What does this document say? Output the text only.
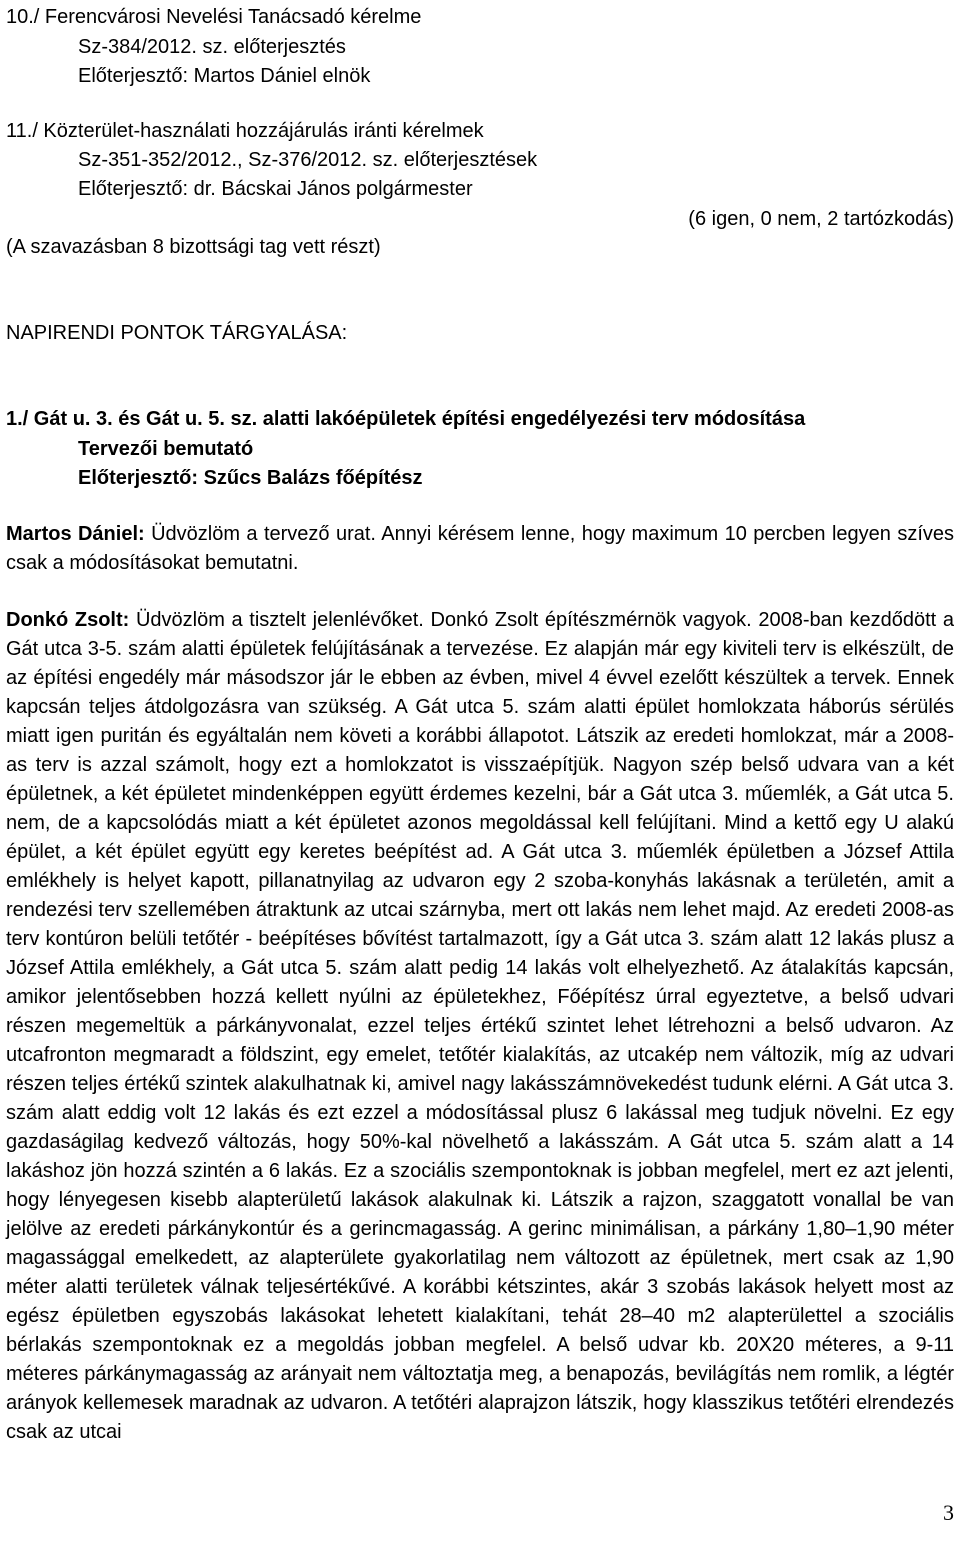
10./ Ferencvárosi Nevelési Tanácsadó kérelme
Sz-384/2012. sz. előterjesztés
Előterjesztő: Martos Dániel elnök
11./ Közterület-használati hozzájárulás iránti kérelmek
Sz-351-352/2012., Sz-376/2012. sz. előterjesztések
Előterjesztő: dr. Bácskai János polgármester
(6 igen, 0 nem, 2 tartózkodás)
(A szavazásban 8 bizottsági tag vett részt)
NAPIRENDI PONTOK TÁRGYALÁSA:
1./ Gát u. 3. és Gát u. 5. sz. alatti lakóépületek építési engedélyezési terv módosítása
Tervezői bemutató
Előterjesztő: Szűcs Balázs főépítész

Martos Dániel: Üdvözlöm a tervező urat. Annyi kérésem lenne, hogy maximum 10 percben legyen szíves csak a módosításokat bemutatni.

Donkó Zsolt: Üdvözlöm a tisztelt jelenlévőket. Donkó Zsolt építészmérnök vagyok. 2008-ban kezdődött a Gát utca 3-5. szám alatti épületek felújításának a tervezése. Ez alapján már egy kiviteli terv is elkészült, de az építési engedély már másodszor jár le ebben az évben, mivel 4 évvel ezelőtt készültek a tervek. Ennek kapcsán teljes átdolgozásra van szükség. A Gát utca 5. szám alatti épület homlokzata háborús sérülés miatt igen puritán és egyáltalán nem követi a korábbi állapotot. Látszik az eredeti homlokzat, már a 2008-as terv is azzal számolt, hogy ezt a homlokzatot is visszaépítjük. Nagyon szép belső udvara van a két épületnek, a két épületet mindenképpen együtt érdemes kezelni, bár a Gát utca 3. műemlék, a Gát utca 5. nem, de a kapcsolódás miatt a két épületet azonos megoldással kell felújítani. Mind a kettő egy U alakú épület, a két épület együtt egy keretes beépítést ad. A Gát utca 3. műemlék épületben a József Attila emlékhely is helyet kapott, pillanatnyilag az udvaron egy 2 szoba-konyhás lakásnak a területén, amit a rendezési terv szellemében átraktunk az utcai szárnyba, mert ott lakás nem lehet majd. Az eredeti 2008-as terv kontúron belüli tetőtér - beépítéses bővítést tartalmazott, így a Gát utca 3. szám alatt 12 lakás plusz a József Attila emlékhely, a Gát utca 5. szám alatt pedig 14 lakás volt elhelyezhető. Az átalakítás kapcsán, amikor jelentősebben hozzá kellett nyúlni az épületekhez, Főépítész úrral egyeztetve, a belső udvari részen megemeltük a párkányvonalat, ezzel teljes értékű szintet lehet létrehozni a belső udvaron. Az utcafronton megmaradt a földszint, egy emelet, tetőtér kialakítás, az utcakép nem változik, míg az udvari részen teljes értékű szintek alakulhatnak ki, amivel nagy lakásszámnövekedést tudunk elérni. A Gát utca 3. szám alatt eddig volt 12 lakás és ezt ezzel a módosítással plusz 6 lakással meg tudjuk növelni. Ez egy gazdaságilag kedvező változás, hogy 50%-kal növelhető a lakásszám. A Gát utca 5. szám alatt a 14 lakáshoz jön hozzá szintén a 6 lakás. Ez a szociális szempontoknak is jobban megfelel, mert ez azt jelenti, hogy lényegesen kisebb alapterületű lakások alakulnak ki. Látszik a rajzon, szaggatott vonallal be van jelölve az eredeti párkánykontúr és a gerincmagasság. A gerinc minimálisan, a párkány 1,80–1,90 méter magassággal emelkedett, az alapterülete gyakorlatilag nem változott az épületnek, mert csak az 1,90 méter alatti területek válnak teljesértékűvé. A korábbi kétszintes, akár 3 szobás lakások helyett most az egész épületben egyszobás lakásokat lehetett kialakítani, tehát 28–40 m2 alapterülettel a szociális bérlakás szempontoknak ez a megoldás jobban megfelel. A belső udvar kb. 20X20 méteres, a 9-11 méteres párkánymagasság az arányait nem változtatja meg, a benapozás, bevilágítás nem romlik, a légtér arányok kellemesek maradnak az udvaron. A tetőtéri alaprajzon látszik, hogy klasszikus tetőtéri elrendezés csak az utcai

3
